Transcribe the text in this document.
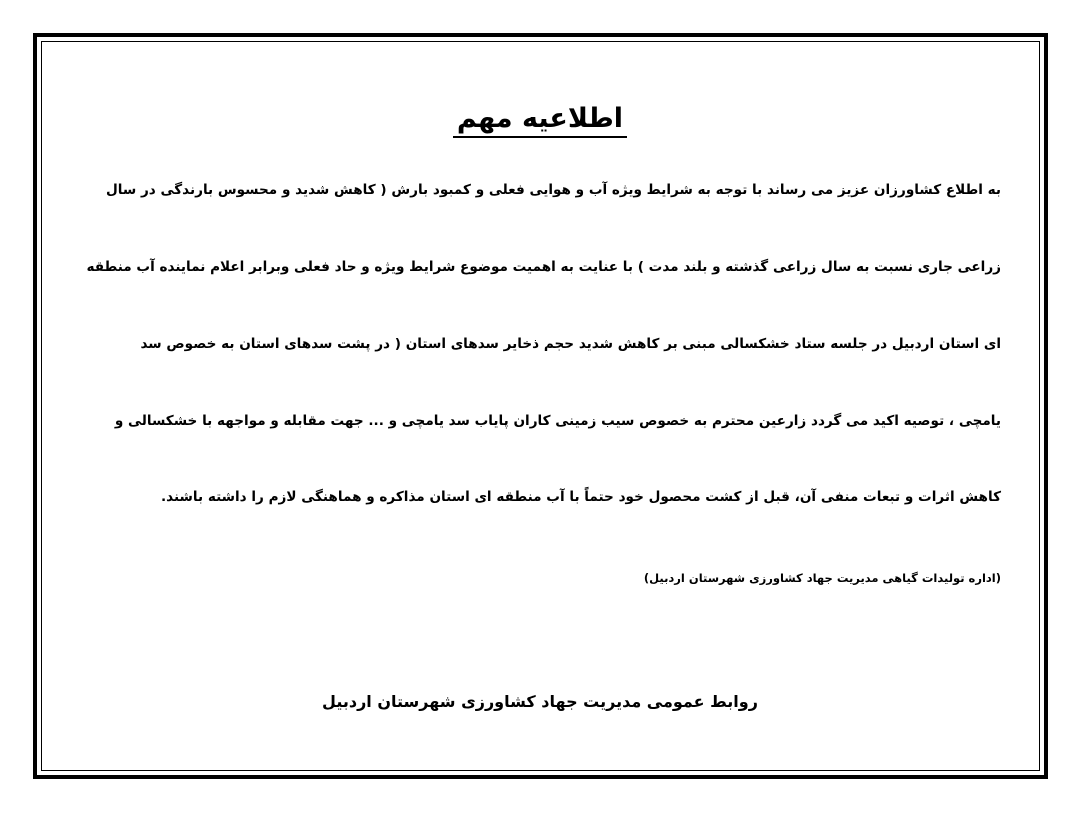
اطلاعیه مهم
به اطلاع کشاورزان عزیز می رساند با توجه به شرایط ویژه آب و هوایی فعلی و کمبود بارش ( کاهش شدید و محسوس بارندگی در سال
زراعی جاری نسبت به سال زراعی گذشته و بلند مدت ) با عنایت به اهمیت موضوع شرایط ویژه و حاد فعلی وبرابر اعلام نماینده آب منطقه
ای استان اردبیل در جلسه ستاد خشکسالی مبنی بر کاهش شدید حجم ذخایر سدهای استان ( در پشت سدهای استان به خصوص سد
یامچی ، توصیه اکید می گردد زارعین محترم به خصوص سیب زمینی کاران پایاب سد یامچی و ... جهت مقابله و مواجهه با خشکسالی و
کاهش اثرات و تبعات منفی آن، قبل از کشت محصول خود حتماً با آب منطقه ای استان مذاکره و هماهنگی لازم را داشته باشند.
(اداره تولیدات گیاهی مدیریت جهاد کشاورزی شهرستان اردبیل)
روابط عمومی مدیریت جهاد کشاورزی شهرستان اردبیل
